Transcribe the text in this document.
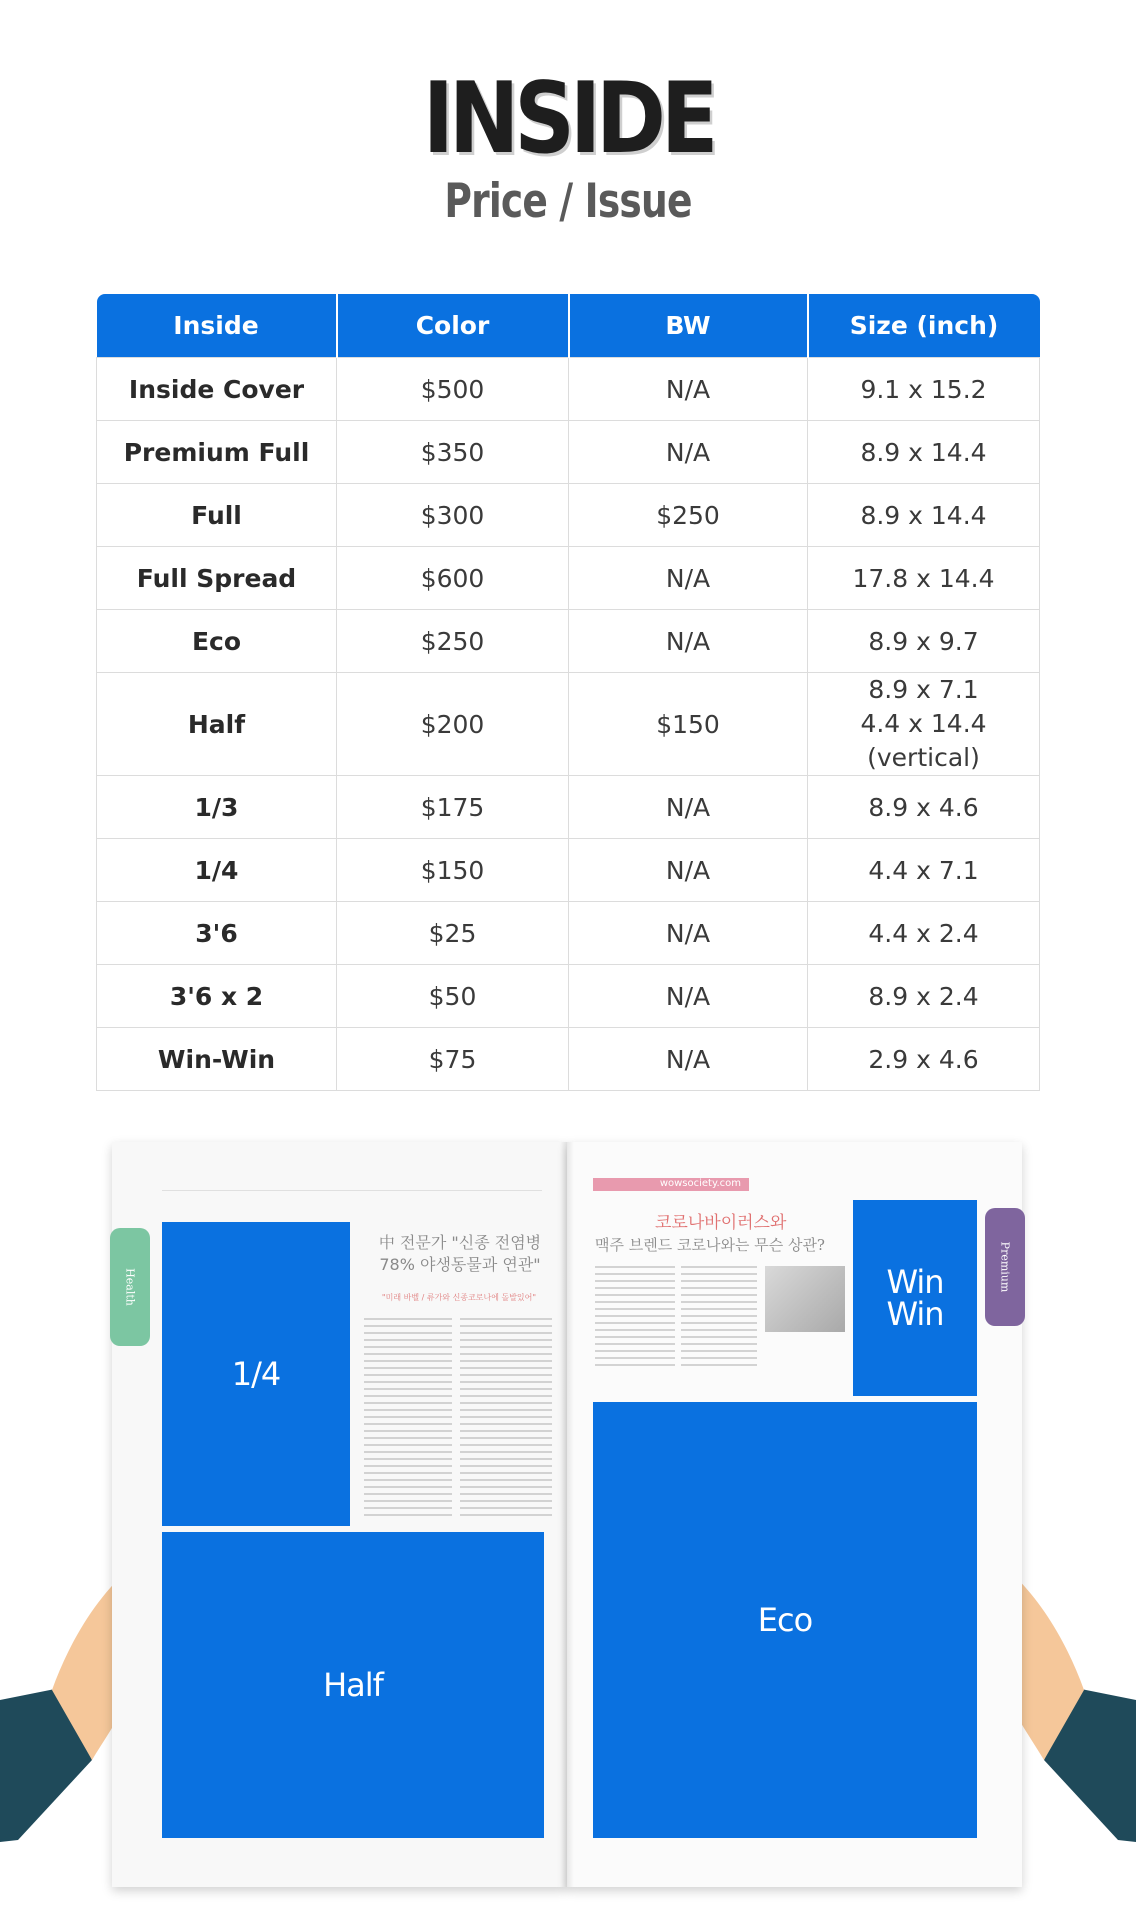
INSIDE
Price / Issue
Inside	Color	BW	Size (inch)
Inside Cover	$500	N/A	9.1 x 15.2
Premium Full	$350	N/A	8.9 x 14.4
Full	$300	$250	8.9 x 14.4
Full Spread	$600	N/A	17.8 x 14.4
Eco	$250	N/A	8.9 x 9.7
Half	$200	$150	8.9 x 7.1
4.4 x 14.4 (vertical)

1/3	$175	N/A	8.9 x 4.6
1/4	$150	N/A	4.4 x 7.1
3'6	$25	N/A	4.4 x 2.4
3'6 x 2	$50	N/A	8.9 x 2.4
Win-Win	$75	N/A	2.9 x 4.6
Health
1/4
中 전문가 "신종 전염병
78% 야생동물과 연관"
"미래 바벨 / 류가와 신종코로나에 돌발있어"
Half
wowsociety.com
코로나바이러스와
맥주 브렌드 코로나와는 무슨 상관?
Win
Win
Premium
Eco
